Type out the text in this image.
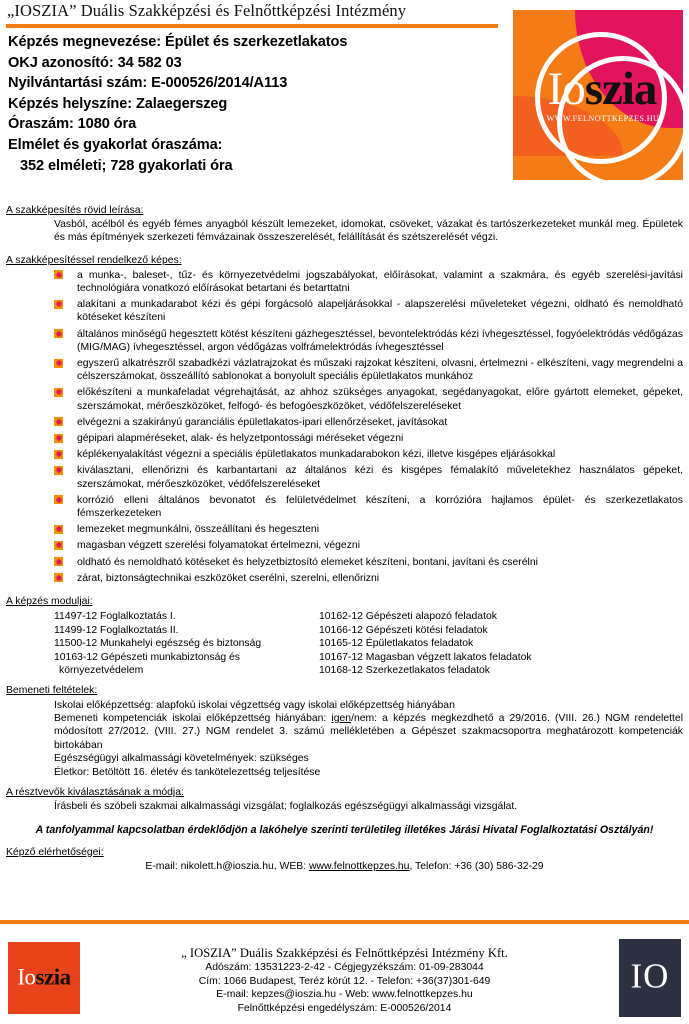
„IOSZIA” Duális Szakképzési és Felnőttképzési Intézmény
Képzés megnevezése: Épület és szerkezetlakatos
OKJ azonosító: 34 582 03
Nyilvántartási szám: E-000526/2014/A113
Képzés helyszíne: Zalaegerszeg
Óraszám: 1080 óra
Elmélet és gyakorlat óraszáma:
352 elméleti; 728 gyakorlati óra
Ioszia
WWW.FELNOTTKEPZES.HU
A szakképesítés rövid leírása:
Vasból, acélból és egyéb fémes anyagból készült lemezeket, idomokat, csöveket, vázakat és tartószerkezeteket munkál meg. Épületek és más építmények szerkezeti fémvázainak összeszerelését, felállítását és szétszerelését végzi.
A szakképesítéssel rendelkező képes:
a munka-, baleset-, tűz- és környezetvédelmi jogszabályokat, előírásokat, valamint a szakmára, és egyéb szerelési-javítási technológiára vonatkozó előírásokat betartani és betarttatni
alakítani a munkadarabot kézi és gépi forgácsoló alapeljárásokkal - alapszerelési műveleteket végezni, oldható és nemoldható kötéseket készíteni
általános minőségű hegesztett kötést készíteni gázhegesztéssel, bevontelektródás kézi ívhegesztéssel, fogyóelektródás védőgázas (MIG/MAG) ívhegesztéssel, argon védőgázas volfrámelektródás ívhegesztéssel
egyszerű alkatrészről szabadkézi vázlatrajzokat és műszaki rajzokat készíteni, olvasni, értelmezni - elkészíteni, vagy megrendelni a célszerszámokat, összeállító sablonokat a bonyolult speciális épületlakatos munkához
előkészíteni a munkafeladat végrehajtását, az ahhoz szükséges anyagokat, segédanyagokat, előre gyártott elemeket, gépeket, szerszámokat, mérőeszközöket, felfogó- és befogóeszközöket, védőfelszereléseket
elvégezni a szakirányú garanciális épületlakatos-ipari ellenőrzéseket, javításokat
gépipari alapméréseket, alak- és helyzetpontossági méréseket végezni
képlékenyalakítást végezni a speciális épületlakatos munkadarabokon kézi, illetve kisgépes eljárásokkal
kiválasztani, ellenőrizni és karbantartani az általános kézi és kisgépes fémalakító műveletekhez használatos gépeket, szerszámokat, mérőeszközöket, védőfelszereléseket
korrózió elleni általános bevonatot és felületvédelmet készíteni, a korrózióra hajlamos épület- és szerkezetlakatos fémszerkezeteken
lemezeket megmunkálni, összeállítani és hegeszteni
magasban végzett szerelési folyamatokat értelmezni, végezni
oldható és nemoldható kötéseket és helyzetbiztosító elemeket készíteni, bontani, javítani és cserélni
zárat, biztonságtechnikai eszközöket cserélni, szerelni, ellenőrizni
A képzés moduljai:
11497-12 Foglalkoztatás I.
11499-12 Foglalkoztatás II.
11500-12 Munkahelyi egészség és biztonság
10163-12 Gépészeti munkabiztonság és
környezetvédelem
10162-12 Gépészeti alapozó feladatok
10166-12 Gépészeti kötési feladatok
10165-12 Épületlakatos feladatok
10167-12 Magasban végzett lakatos feladatok
10168-12 Szerkezetlakatos feladatok
Bemeneti feltételek:
Iskolai előképzettség: alapfokú iskolai végzettség vagy iskolai előképzettség hiányában
Bemeneti kompetenciák iskolai előképzettség hiányában: igen/nem: a képzés megkezdhető a 29/2016. (VIII. 26.) NGM rendelettel módosított 27/2012. (VIII. 27.) NGM rendelet 3. számú mellékletében a Gépészet szakmacsoportra meghatározott kompetenciák birtokában
Egészségügyi alkalmassági követelmények: szükséges
Életkor: Betöltött 16. életév és tankötelezettség teljesítése
A résztvevők kiválasztásának a módja:
Írásbeli és szóbeli szakmai alkalmassági vizsgálat; foglalkozás egészségügyi alkalmassági vizsgálat.
A tanfolyammal kapcsolatban érdeklődjön a lakóhelye szerinti területileg illetékes Járási Hivatal Foglalkoztatási Osztályán!
Képző elérhetőségei:
E-mail: nikolett.h@ioszia.hu, WEB: www.felnottkepzes.hu, Telefon: +36 (30) 586-32-29
Ioszia
„ IOSZIA” Duális Szakképzési és Felnőttképzési Intézmény Kft.
Adószám: 13531223-2-42 - Cégjegyzékszám: 01-09-283044
Cím: 1066 Budapest, Teréz körút 12. - Telefon: +36(37)301-649
E-mail: kepzes@ioszia.hu - Web: www.felnottkepzes.hu
Felnőttképzési engedélyszám: E-000526/2014
IO
